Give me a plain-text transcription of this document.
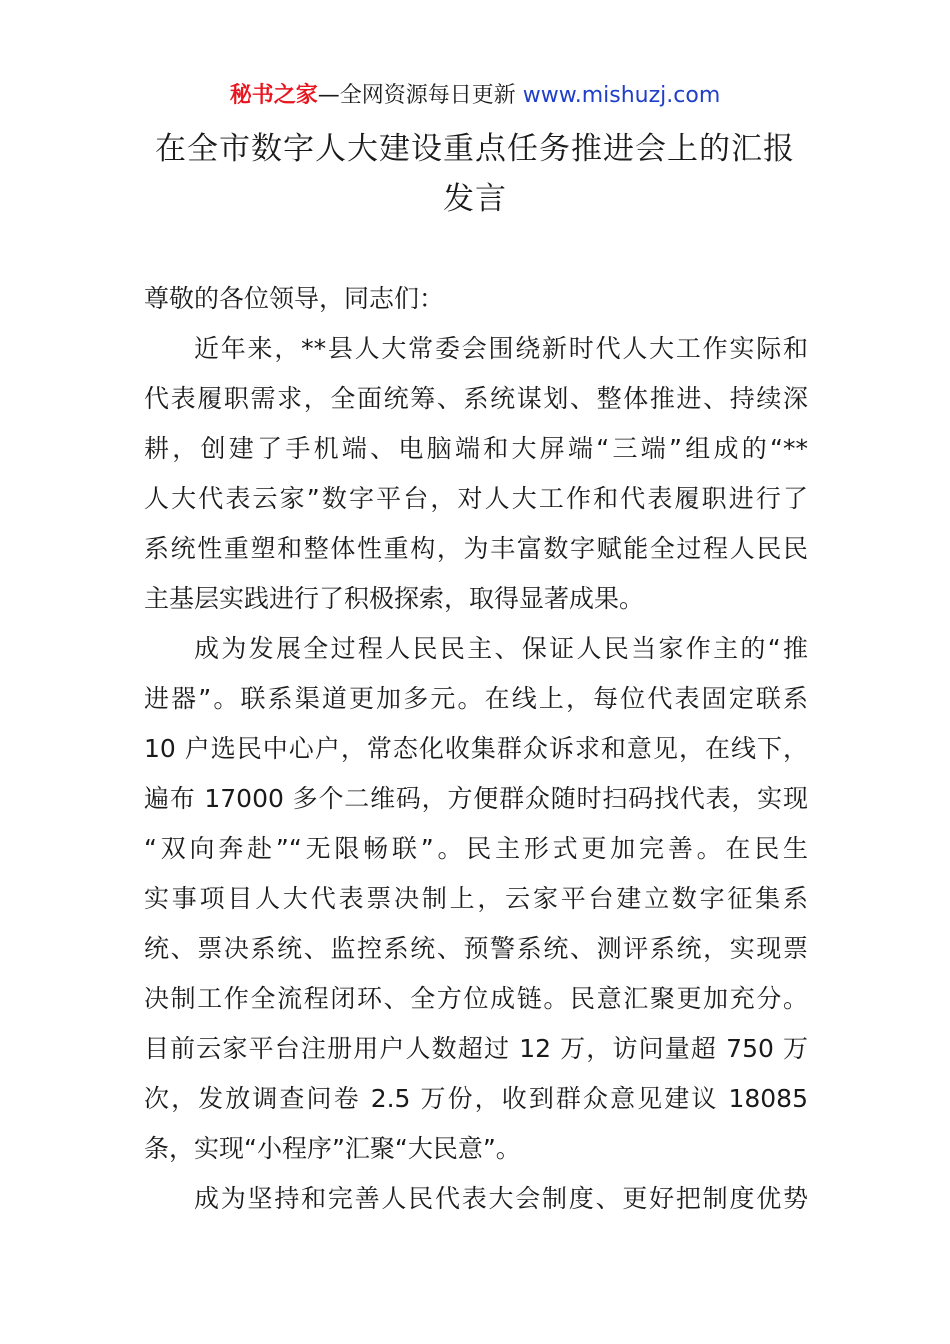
秘书之家—全网资源每日更新 www.mishuzj.com
在全市数字人大建设重点任务推进会上的汇报
发言
尊敬的各位领导，同志们：
近年来，**县人大常委会围绕新时代人大工作实际和
代表履职需求，全面统筹、系统谋划、整体推进、持续深
耕，创建了手机端、电脑端和大屏端“三端”组成的“**
人大代表云家”数字平台，对人大工作和代表履职进行了
系统性重塑和整体性重构，为丰富数字赋能全过程人民民
主基层实践进行了积极探索，取得显著成果。
成为发展全过程人民民主、保证人民当家作主的“推
进器”。联系渠道更加多元。在线上，每位代表固定联系
10 户选民中心户，常态化收集群众诉求和意见，在线下，
遍布 17000 多个二维码，方便群众随时扫码找代表，实现
“双向奔赴”“无限畅联”。民主形式更加完善。在民生
实事项目人大代表票决制上，云家平台建立数字征集系
统、票决系统、监控系统、预警系统、测评系统，实现票
决制工作全流程闭环、全方位成链。民意汇聚更加充分。
目前云家平台注册用户人数超过 12 万，访问量超 750 万
次，发放调查问卷 2.5 万份，收到群众意见建议 18085
条，实现“小程序”汇聚“大民意”。
成为坚持和完善人民代表大会制度、更好把制度优势
